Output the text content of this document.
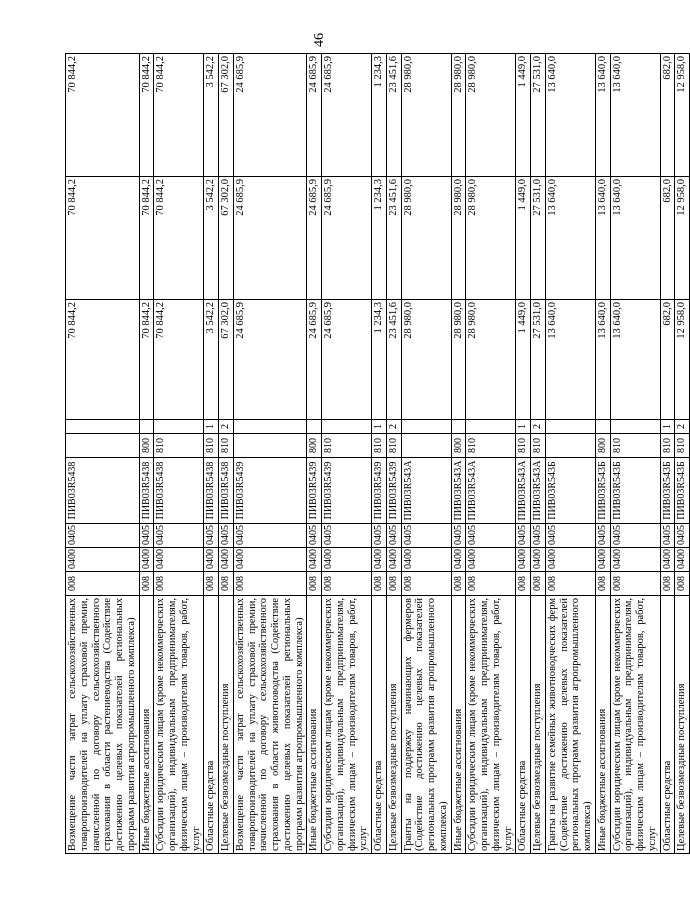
46
Возмещение части затрат сельскохозяйственных товаропроизводителей на уплату страховой премии, начисленной по договору сельскохозяйственного страхования в области растениеводства (Содействие достижению целевых показателей региональных программ развития агропромышленного комплекса)	008	0400	0405	ПИВ03R5438			70 844,2	70 844,2	70 844,2
Иные бюджетные ассигнования	008	0400	0405	ПИВ03R5438	800		70 844,2	70 844,2	70 844,2
Субсидии юридическим лицам (кроме некоммерческих организаций), индивидуальным предпринимателям, физическим лицам – производителям товаров, работ, услуг	008	0400	0405	ПИВ03R5438	810		70 844,2	70 844,2	70 844,2
Областные средства	008	0400	0405	ПИВ03R5438	810	1	3 542,2	3 542,2	3 542,2
Целевые безвозмездные поступления	008	0400	0405	ПИВ03R5438	810	2	67 302,0	67 302,0	67 302,0
Возмещение части затрат сельскохозяйственных товаропроизводителей на уплату страховой премии, начисленной по договору сельскохозяйственного страхования в области животноводства (Содействие достижению целевых показателей региональных программ развития агропромышленного комплекса)	008	0400	0405	ПИВ03R5439			24 685,9	24 685,9	24 685,9
Иные бюджетные ассигнования	008	0400	0405	ПИВ03R5439	800		24 685,9	24 685,9	24 685,9
Субсидии юридическим лицам (кроме некоммерческих организаций), индивидуальным предпринимателям, физическим лицам – производителям товаров, работ, услуг	008	0400	0405	ПИВ03R5439	810		24 685,9	24 685,9	24 685,9
Областные средства	008	0400	0405	ПИВ03R5439	810	1	1 234,3	1 234,3	1 234,3
Целевые безвозмездные поступления	008	0400	0405	ПИВ03R5439	810	2	23 451,6	23 451,6	23 451,6
Гранты на поддержку начинающих фермеров (Содействие достижению целевых показателей региональных программ развития агропромышленного комплекса)	008	0400	0405	ПИВ03R543А			28 980,0	28 980,0	28 980,0
Иные бюджетные ассигнования	008	0400	0405	ПИВ03R543А	800		28 980,0	28 980,0	28 980,0
Субсидии юридическим лицам (кроме некоммерческих организаций), индивидуальным предпринимателям, физическим лицам – производителям товаров, работ, услуг	008	0400	0405	ПИВ03R543А	810		28 980,0	28 980,0	28 980,0
Областные средства	008	0400	0405	ПИВ03R543А	810	1	1 449,0	1 449,0	1 449,0
Целевые безвозмездные поступления	008	0400	0405	ПИВ03R543А	810	2	27 531,0	27 531,0	27 531,0
Гранты на развитие семейных животноводческих ферм (Содействие достижению целевых показателей региональных программ развития агропромышленного комплекса)	008	0400	0405	ПИВ03R543Б			13 640,0	13 640,0	13 640,0
Иные бюджетные ассигнования	008	0400	0405	ПИВ03R543Б	800		13 640,0	13 640,0	13 640,0
Субсидии юридическим лицам (кроме некоммерческих организаций), индивидуальным предпринимателям, физическим лицам – производителям товаров, работ, услуг	008	0400	0405	ПИВ03R543Б	810		13 640,0	13 640,0	13 640,0
Областные средства	008	0400	0405	ПИВ03R543Б	810	1	682,0	682,0	682,0
Целевые безвозмездные поступления	008	0400	0405	ПИВ03R543Б	810	2	12 958,0	12 958,0	12 958,0
